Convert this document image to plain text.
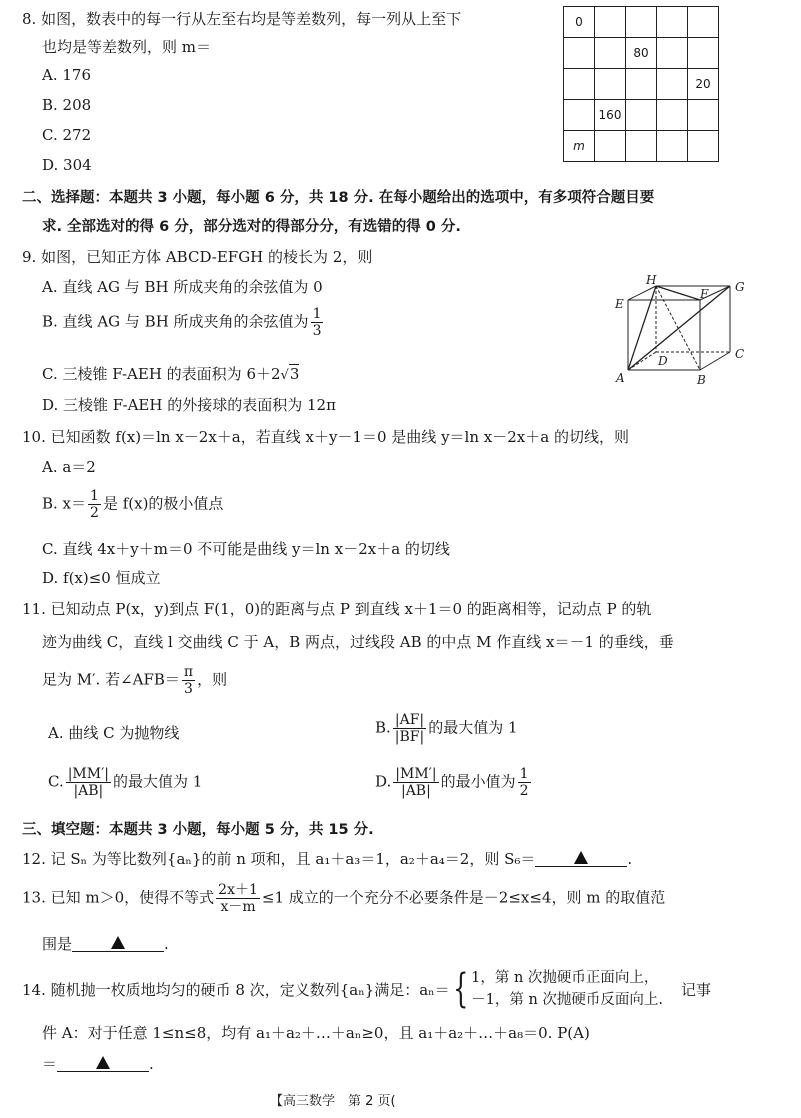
8. 如图，数表中的每一行从左至右均是等差数列，每一列从上至下
也均是等差数列，则 m＝
A. 176
B. 208
C. 272
D. 304
0				
		80		
				20
	160			
m				
二、选择题：本题共 3 小题，每小题 6 分，共 18 分. 在每小题给出的选项中，有多项符合题目要
求. 全部选对的得 6 分，部分选对的得部分分，有选错的得 0 分.
9. 如图，已知正方体 ABCD-EFGH 的棱长为 2，则
A. 直线 AG 与 BH 所成夹角的余弦值为 0
B. 直线 AG 与 BH 所成夹角的余弦值为 $\frac{1}{3}$
C. 三棱锥 F-AEH 的表面积为 6＋2√3
D. 三棱锥 F-AEH 的外接球的表面积为 12π
H
F G
E
D	C
A	B
10. 已知函数 f(x)＝ln x－2x＋a，若直线 x＋y－1＝0 是曲线 y＝ln x－2x＋a 的切线，则
A. a＝2
B. $x= \frac{1}{2}$ 是 f(x)的极小值点
C. 直线 4x＋y＋m＝0 不可能是曲线 y＝ln x－2x＋a 的切线
D. f(x)≤0 恒成立
11. 已知动点 P(x，y)到点 F(1，0)的距离与点 P 到直线 x＋1＝0 的距离相等，记动点 P 的轨
迹为曲线 C，直线 l 交曲线 C 于 A，B 两点，过线段 AB 的中点 M 作直线 x＝－1 的垂线，垂
足为 M′. 若∠AFB＝ $\frac{\pi}{3}$ ，则
A. 曲线 C 为抛物线	B. $\frac{|AF|}{|BF|}$ 的最大值为 1
C. $\frac{|MM'|}{|AB|}$ 的最大值为 1	D. $\frac{|MM'|}{|AB|}$ 的最小值为 $\frac{1}{2}$
三、填空题：本题共 3 小题，每小题 5 分，共 15 分.
12. 记 Sₙ 为等比数列{aₙ}的前 n 项和，且 a₁＋a₃＝1，a₂＋a₄＝2，则 S₆＝	.
13. 已知 m＞0，使得不等式 $\frac{2x+1}{x-m} \le 1$ 成立的一个充分不必要条件是－2≤x≤4，则 m 的取值范
围是	.
14. 随机抛一枚质地均匀的硬币 8 次，定义数列{aₙ}满足：aₙ＝ { 1，第 n 次抛硬币正面向上，
－1，第 n 次抛硬币反面向上.
记事
件 A：对于任意 1≤n≤8，均有 a₁＋a₂＋…＋aₙ≥0，且 a₁＋a₂＋…＋a₈＝0. P(A)
＝	.
【高三数学　第 2 页(
